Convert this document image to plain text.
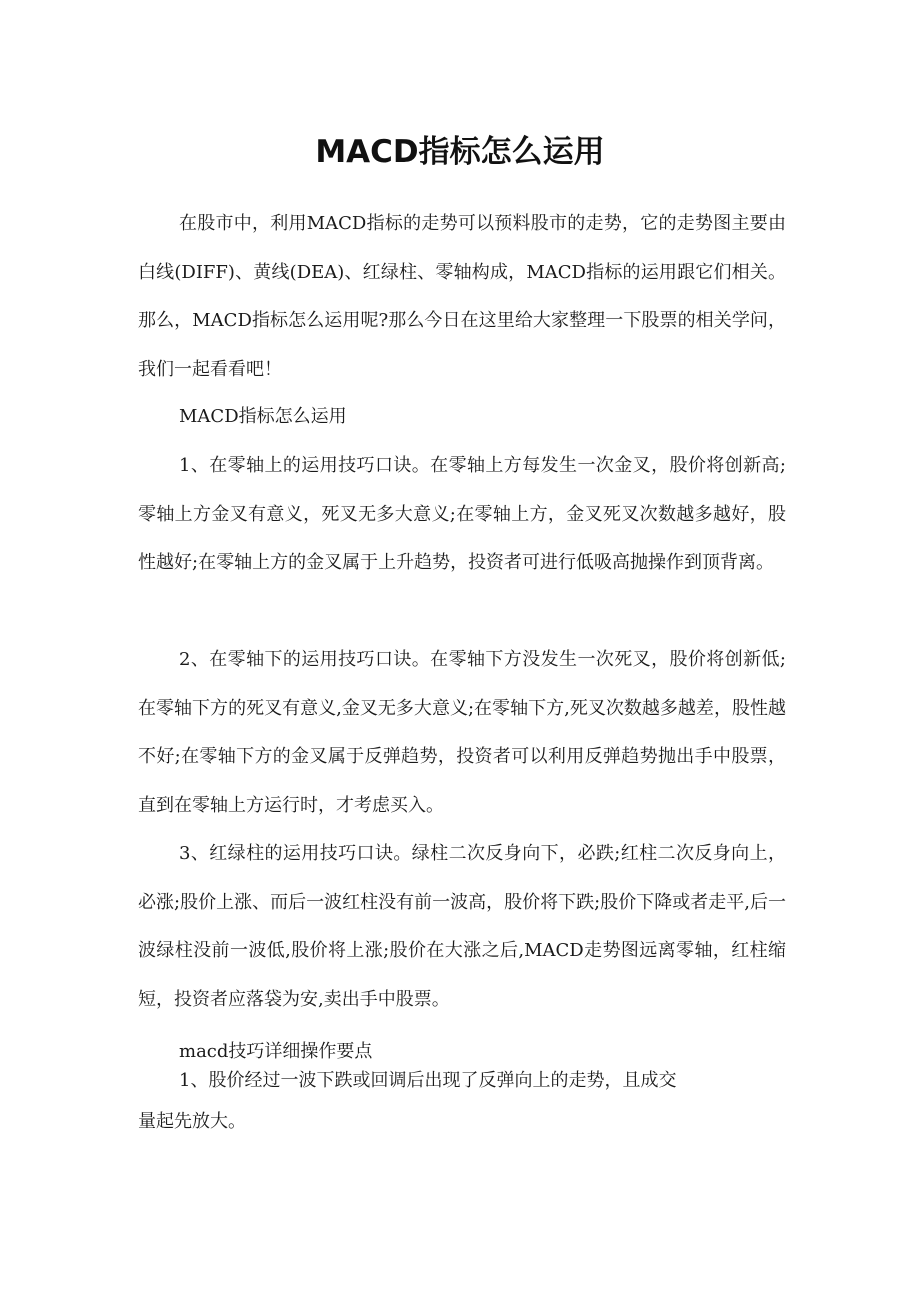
MACD指标怎么运用

在股市中，利用MACD指标的走势可以预料股市的走势，它的走势图主要由白线(DIFF)、黄线(DEA)、红绿柱、零轴构成，MACD指标的运用跟它们相关。那么，MACD指标怎么运用呢?那么今日在这里给大家整理一下股票的相关学问，我们一起看看吧！

MACD指标怎么运用

1、在零轴上的运用技巧口诀。在零轴上方每发生一次金叉，股价将创新高;零轴上方金叉有意义，死叉无多大意义;在零轴上方，金叉死叉次数越多越好，股性越好;在零轴上方的金叉属于上升趋势，投资者可进行低吸高抛操作到顶背离。

2、在零轴下的运用技巧口诀。在零轴下方没发生一次死叉，股价将创新低;在零轴下方的死叉有意义,金叉无多大意义;在零轴下方,死叉次数越多越差，股性越不好;在零轴下方的金叉属于反弹趋势，投资者可以利用反弹趋势抛出手中股票，直到在零轴上方运行时，才考虑买入。

3、红绿柱的运用技巧口诀。绿柱二次反身向下，必跌;红柱二次反身向上，必涨;股价上涨、而后一波红柱没有前一波高，股价将下跌;股价下降或者走平,后一波绿柱没前一波低,股价将上涨;股价在大涨之后,MACD走势图远离零轴，红柱缩短，投资者应落袋为安,卖出手中股票。

macd技巧详细操作要点

1、股价经过一波下跌或回调后出现了反弹向上的走势，且成交

量起先放大。
